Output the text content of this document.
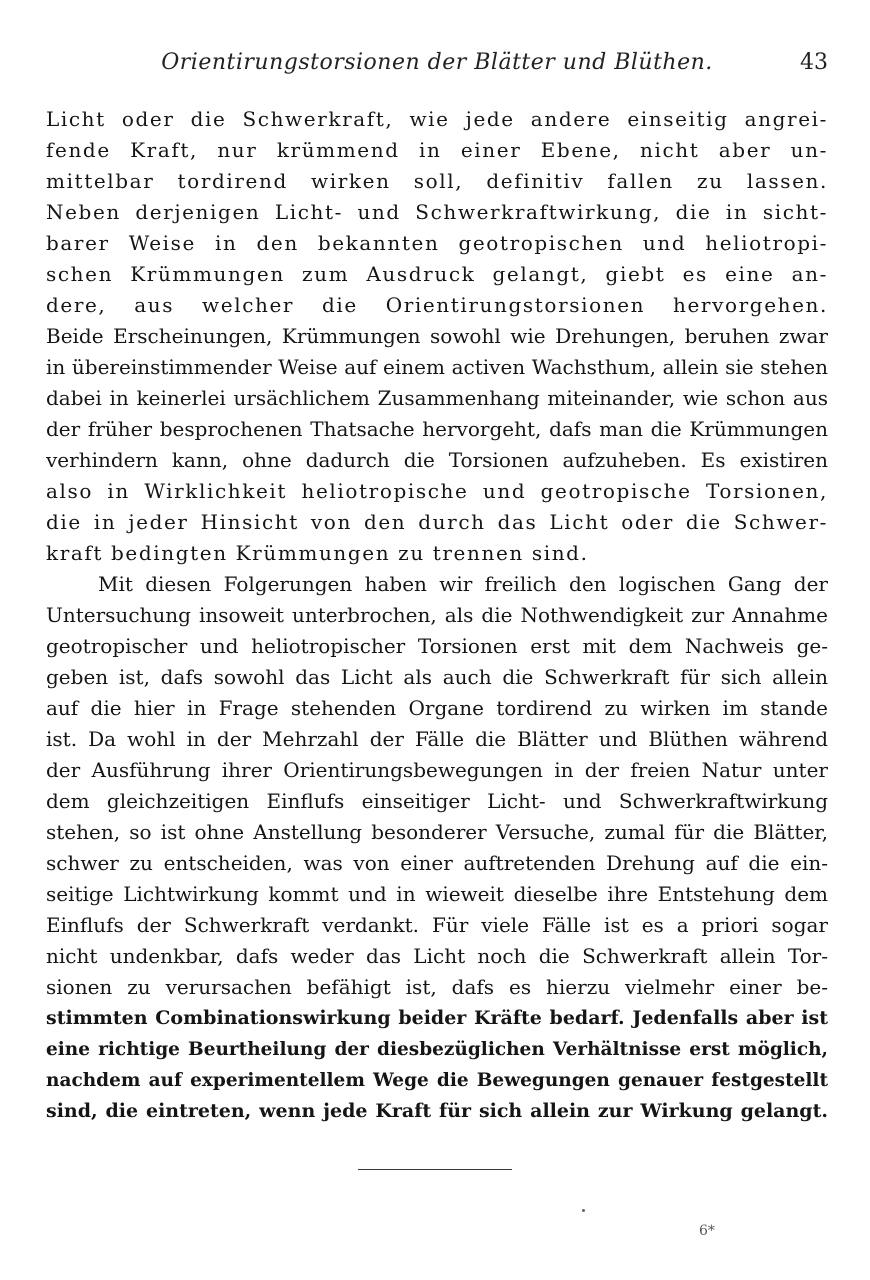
Orientirungstorsionen der Blätter und Blüthen.	43
Licht oder die Schwerkraft, wie jede andere einseitig angrei-
fende Kraft, nur krümmend in einer Ebene, nicht aber un-
mittelbar tordirend wirken soll, definitiv fallen zu lassen.
Neben derjenigen Licht- und Schwerkraftwirkung, die in sicht-
barer Weise in den bekannten geotropischen und heliotropi-
schen Krümmungen zum Ausdruck gelangt, giebt es eine an-
dere, aus welcher die Orientirungstorsionen hervorgehen.
Beide Erscheinungen, Krümmungen sowohl wie Drehungen, beruhen zwar
in übereinstimmender Weise auf einem activen Wachsthum, allein sie stehen
dabei in keinerlei ursächlichem Zusammenhang miteinander, wie schon aus
der früher besprochenen Thatsache hervorgeht, dafs man die Krümmungen
verhindern kann, ohne dadurch die Torsionen aufzuheben. Es existiren
also in Wirklichkeit heliotropische und geotropische Torsionen,
die in jeder Hinsicht von den durch das Licht oder die Schwer-
kraft bedingten Krümmungen zu trennen sind.
Mit diesen Folgerungen haben wir freilich den logischen Gang der
Untersuchung insoweit unterbrochen, als die Nothwendigkeit zur Annahme
geotropischer und heliotropischer Torsionen erst mit dem Nachweis ge-
geben ist, dafs sowohl das Licht als auch die Schwerkraft für sich allein
auf die hier in Frage stehenden Organe tordirend zu wirken im stande
ist. Da wohl in der Mehrzahl der Fälle die Blätter und Blüthen während
der Ausführung ihrer Orientirungsbewegungen in der freien Natur unter
dem gleichzeitigen Einflufs einseitiger Licht- und Schwerkraftwirkung
stehen, so ist ohne Anstellung besonderer Versuche, zumal für die Blätter,
schwer zu entscheiden, was von einer auftretenden Drehung auf die ein-
seitige Lichtwirkung kommt und in wieweit dieselbe ihre Entstehung dem
Einflufs der Schwerkraft verdankt. Für viele Fälle ist es a priori sogar
nicht undenkbar, dafs weder das Licht noch die Schwerkraft allein Tor-
sionen zu verursachen befähigt ist, dafs es hierzu vielmehr einer be-
stimmten Combinationswirkung beider Kräfte bedarf. Jedenfalls aber ist
eine richtige Beurtheilung der diesbezüglichen Verhältnisse erst möglich,
nachdem auf experimentellem Wege die Bewegungen genauer festgestellt
sind, die eintreten, wenn jede Kraft für sich allein zur Wirkung gelangt.
6*
